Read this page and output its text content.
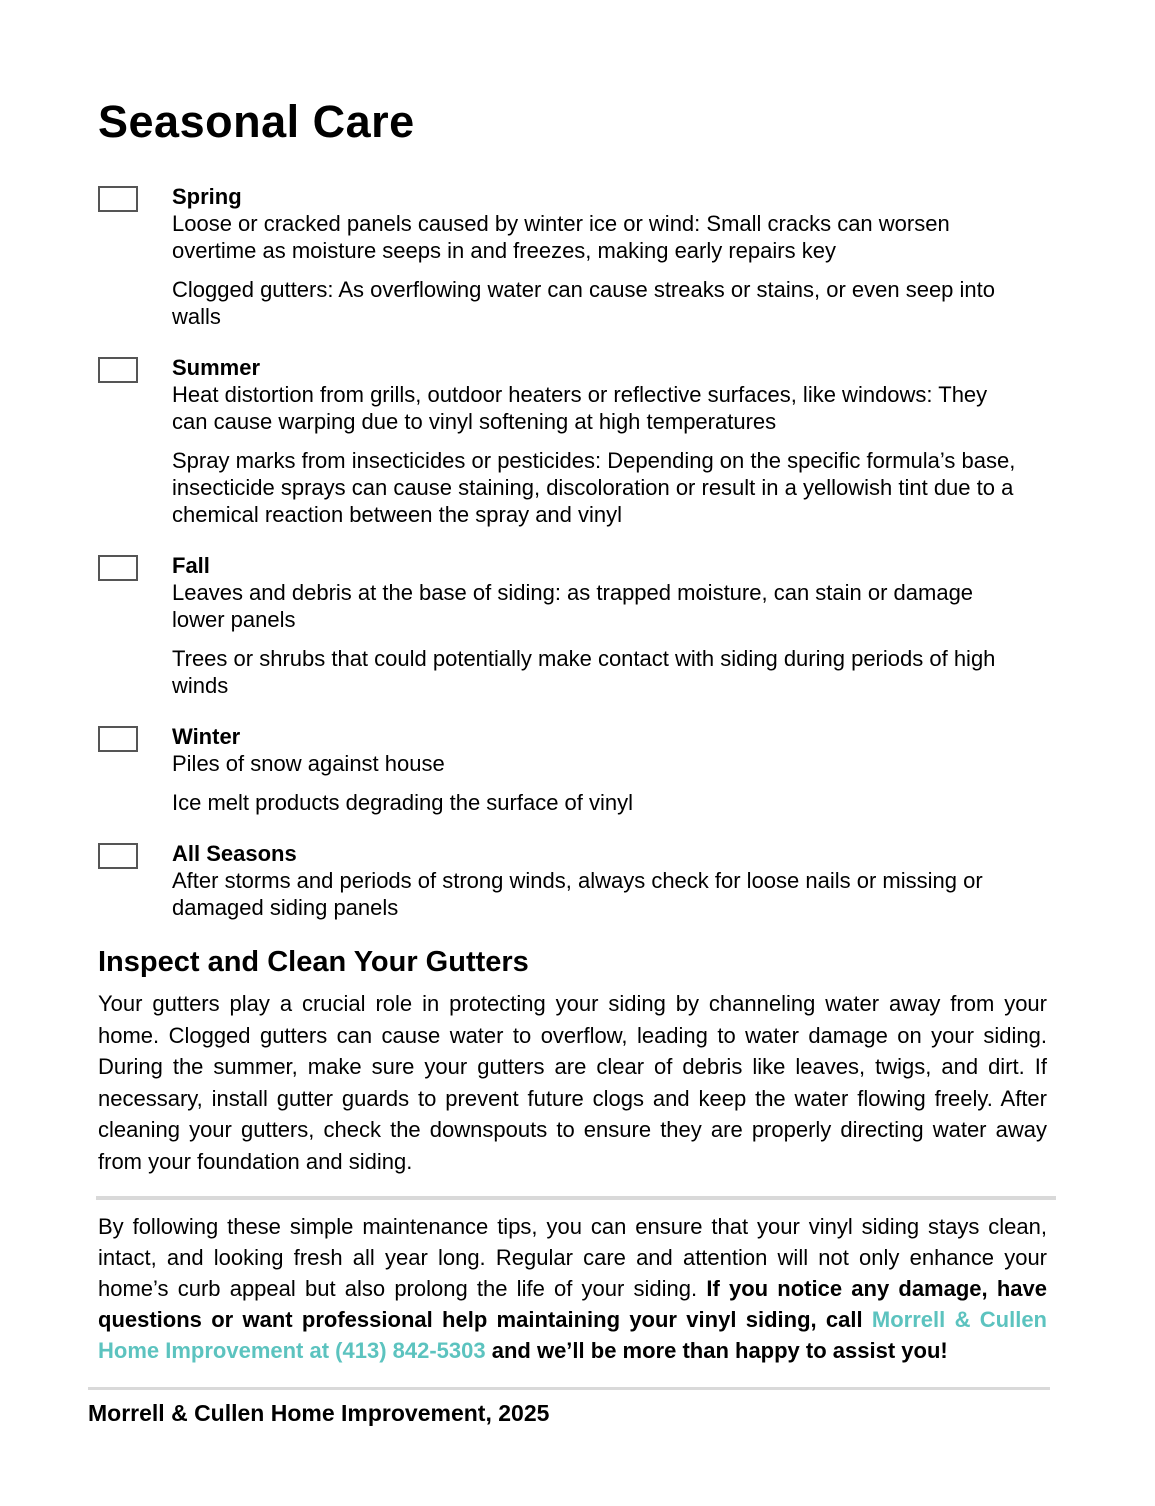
Seasonal Care
Spring

Loose or cracked panels caused by winter ice or wind: Small cracks can worsen overtime as moisture seeps in and freezes, making early repairs key

Clogged gutters: As overflowing water can cause streaks or stains, or even seep into walls

Summer

Heat distortion from grills, outdoor heaters or reflective surfaces, like windows: They can cause warping due to vinyl softening at high temperatures

Spray marks from insecticides or pesticides: Depending on the specific formula’s base, insecticide sprays can cause staining, discoloration or result in a yellowish tint due to a chemical reaction between the spray and vinyl

Fall

Leaves and debris at the base of siding: as trapped moisture, can stain or damage lower panels

Trees or shrubs that could potentially make contact with siding during periods of high winds

Winter

Piles of snow against house

Ice melt products degrading the surface of vinyl

All Seasons

After storms and periods of strong winds, always check for loose nails or missing or damaged siding panels

Inspect and Clean Your Gutters

Your gutters play a crucial role in protecting your siding by channeling water away from your home. Clogged gutters can cause water to overflow, leading to water damage on your siding. During the summer, make sure your gutters are clear of debris like leaves, twigs, and dirt. If necessary, install gutter guards to prevent future clogs and keep the water flowing freely. After cleaning your gutters, check the downspouts to ensure they are properly directing water away from your foundation and siding.

By following these simple maintenance tips, you can ensure that your vinyl siding stays clean, intact, and looking fresh all year long. Regular care and attention will not only enhance your home’s curb appeal but also prolong the life of your siding. If you notice any damage, have questions or want professional help maintaining your vinyl siding, call Morrell & Cullen Home Improvement at (413) 842-5303 and we’ll be more than happy to assist you!

Morrell & Cullen Home Improvement, 2025
